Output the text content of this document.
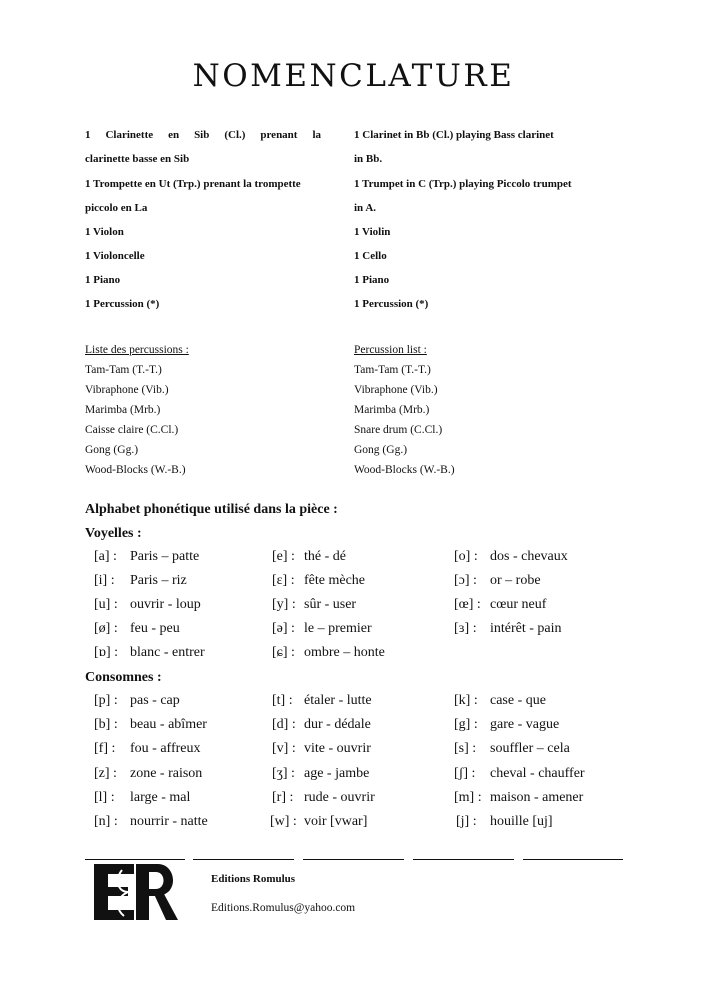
NOMENCLATURE
1 Clarinette en Sib (Cl.) prenant la
clarinette basse en Sib
1 Trompette en Ut (Trp.) prenant la trompette
piccolo en La
1 Violon
1 Violoncelle
1 Piano
1 Percussion (*)
1 Clarinet in Bb (Cl.) playing Bass clarinet
in Bb.
1 Trumpet in C (Trp.) playing Piccolo trumpet
in A.
1 Violin
1 Cello
1 Piano
1 Percussion (*)
Liste des percussions :	Percussion list :
Tam-Tam (T.-T.)
Vibraphone (Vib.)
Marimba (Mrb.)
Caisse claire (C.Cl.)
Gong (Gg.)
Wood-Blocks (W.-B.)
Tam-Tam (T.-T.)
Vibraphone (Vib.)
Marimba (Mrb.)
Snare drum (C.Cl.)
Gong (Gg.)
Wood-Blocks (W.-B.)
Alphabet phonétique utilisé dans la pièce :
Voyelles :
[a] : Paris – patte	[e] : thé - dé	[o] : dos - chevaux
[i] : Paris – riz	[ɛ] : fête mèche	[ɔ] : or – robe
[u] : ouvrir - loup	[y] : sûr - user	[œ] : cœur neuf
[ø] : feu - peu	[ə] : le – premier	[ɜ] : intérêt - pain
[ɒ] : blanc - entrer	[ɕ] : ombre – honte
Consomnes :
[p] : pas - cap	[t] : étaler - lutte	[k] : case - que
[b] : beau - abîmer	[d] : dur - dédale	[g] : gare - vague
[f] : fou - affreux	[v] : vite - ouvrir	[s] : souffler – cela
[z] : zone - raison	[ʒ] : age - jambe	[ʃ] : cheval - chauffer
[l] : large - mal	[r] : rude - ouvrir	[m] : maison - amener
[n] : nourrir - natte	[w] : voir [vwar]	[j] : houille [uj]
Editions Romulus
Editions.Romulus@yahoo.com
